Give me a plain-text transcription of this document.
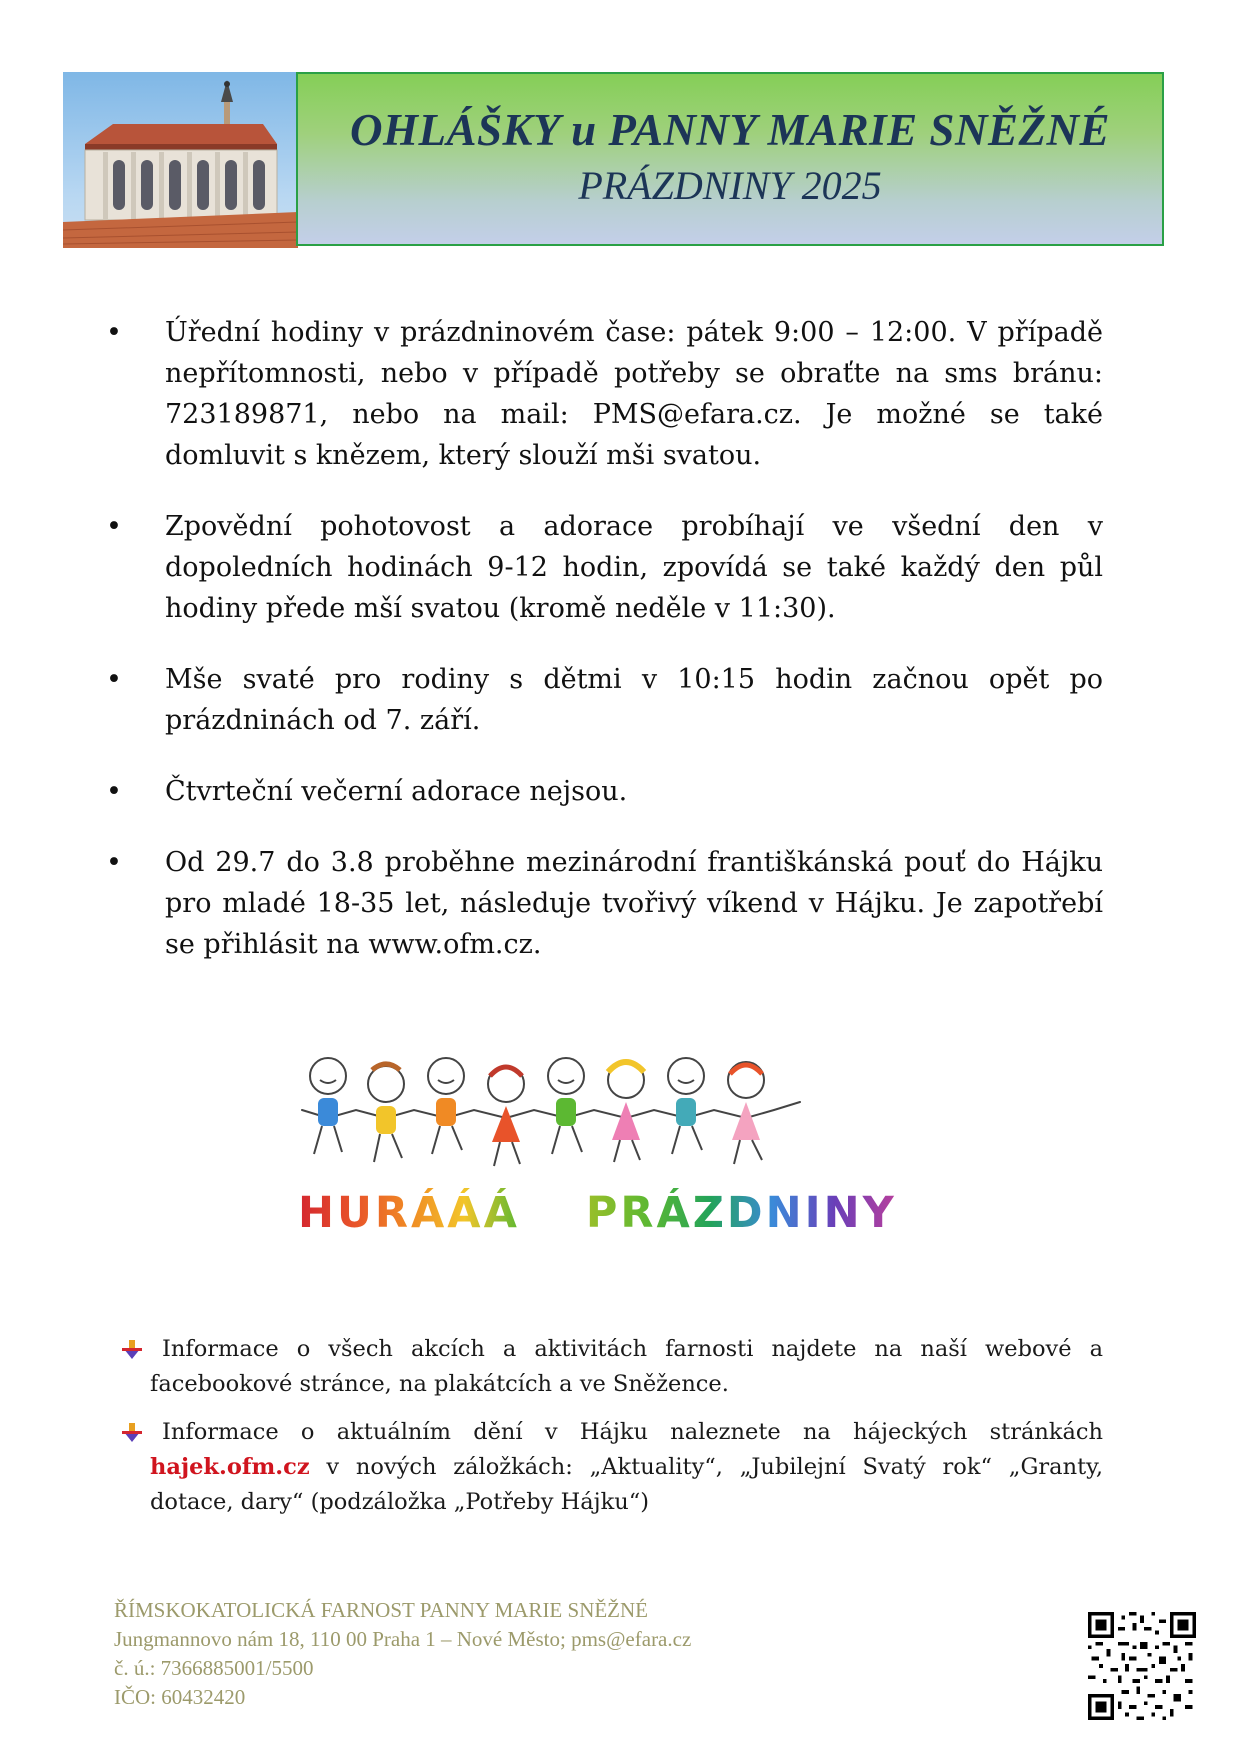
OHLÁŠKY u PANNY MARIE SNĚŽNÉ
PRÁZDNINY 2025
• Úřední hodiny v prázdninovém čase: pátek 9:00 – 12:00. V případě nepřítomnosti, nebo v případě potřeby se obraťte na sms bránu: 723189871, nebo na mail: PMS@efara.cz. Je možné se také domluvit s knězem, který slouží mši svatou.
• Zpovědní pohotovost a adorace probíhají ve všední den v dopoledních hodinách 9-12 hodin, zpovídá se také každý den půl hodiny přede mší svatou (kromě neděle v 11:30).
• Mše svaté pro rodiny s dětmi v 10:15 hodin začnou opět po prázdninách od 7. září.
• Čtvrteční večerní adorace nejsou.
• Od 29.7 do 3.8 proběhne mezinárodní františkánská pouť do Hájku pro mladé 18-35 let, následuje tvořivý víkend v Hájku. Je zapotřebí se přihlásit na www.ofm.cz.
HURÁÁÁ PRÁZDNINY
Informace o všech akcích a aktivitách farnosti najdete na naší webové a facebookové stránce, na plakátcích a ve Sněžence.
Informace o aktuálním dění v Hájku naleznete na hájeckých stránkách hajek.ofm.cz v nových záložkách: „Aktuality“, „Jubilejní Svatý rok“ „Granty, dotace, dary“ (podzáložka „Potřeby Hájku“)
ŘÍMSKOKATOLICKÁ FARNOST PANNY MARIE SNĚŽNÉ
Jungmannovo nám 18, 110 00 Praha 1 – Nové Město; pms@efara.cz
č. ú.: 7366885001/5500
IČO: 60432420
